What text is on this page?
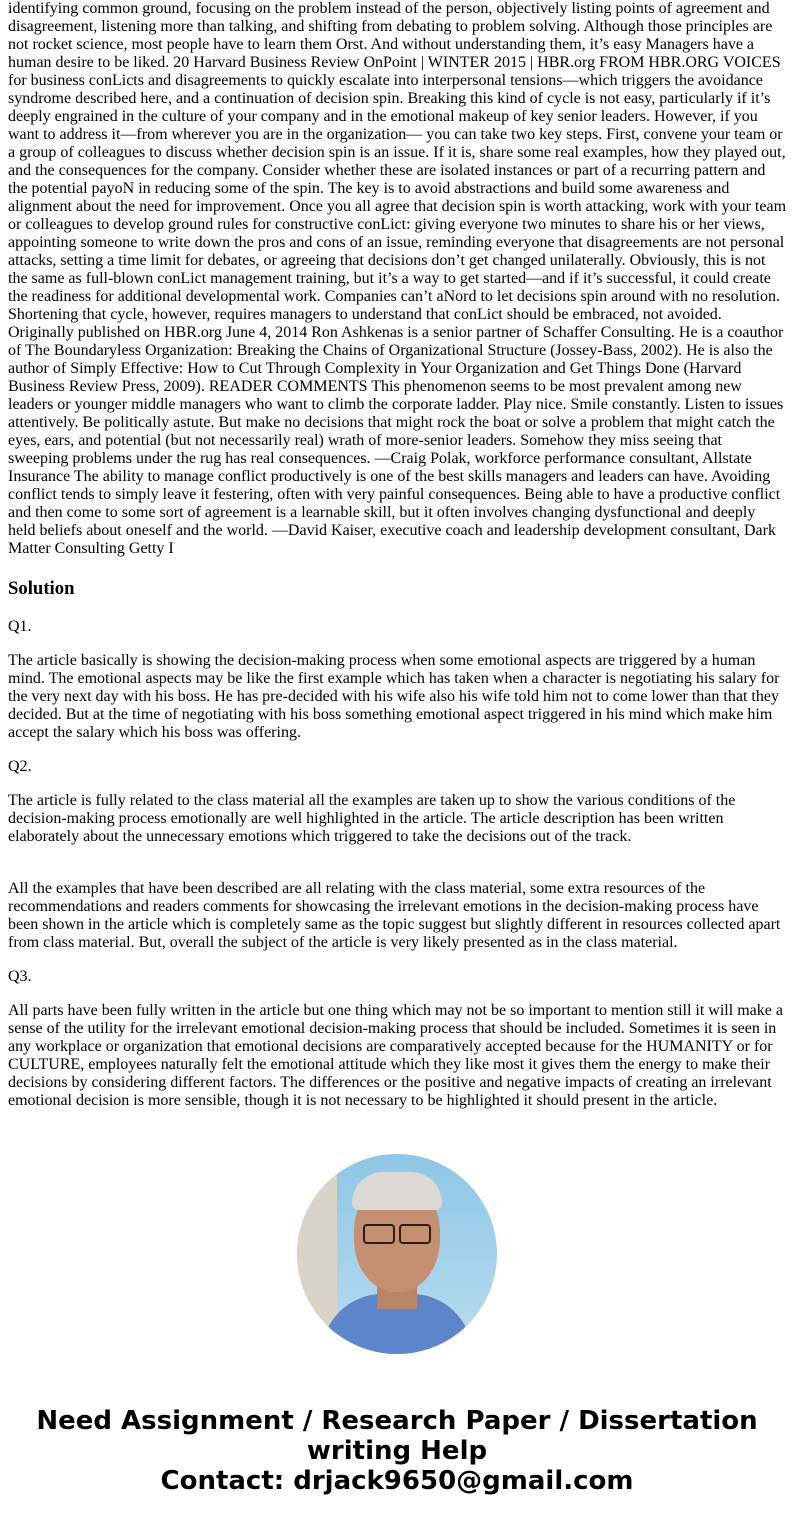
identifying common ground, focusing on the problem instead of the person, objectively listing points of agreement and disagreement, listening more than talking, and shifting from debating to problem solving. Although those principles are not rocket science, most people have to learn them Orst. And without understanding them, it’s easy Managers have a human desire to be liked. 20 Harvard Business Review OnPoint | WINTER 2015 | HBR.org FROM HBR.ORG VOICES for business conLicts and disagreements to quickly escalate into interpersonal tensions—which triggers the avoidance syndrome described here, and a continuation of decision spin. Breaking this kind of cycle is not easy, particularly if it’s deeply engrained in the culture of your company and in the emotional makeup of key senior leaders. However, if you want to address it—from wherever you are in the organization— you can take two key steps. First, convene your team or a group of colleagues to discuss whether decision spin is an issue. If it is, share some real examples, how they played out, and the consequences for the company. Consider whether these are isolated instances or part of a recurring pattern and the potential payoN in reducing some of the spin. The key is to avoid abstractions and build some awareness and alignment about the need for improvement. Once you all agree that decision spin is worth attacking, work with your team or colleagues to develop ground rules for constructive conLict: giving everyone two minutes to share his or her views, appointing someone to write down the pros and cons of an issue, reminding everyone that disagreements are not personal attacks, setting a time limit for debates, or agreeing that decisions don’t get changed unilaterally. Obviously, this is not the same as full-blown conLict management training, but it’s a way to get started—and if it’s successful, it could create the readiness for additional developmental work. Companies can’t aNord to let decisions spin around with no resolution. Shortening that cycle, however, requires managers to understand that conLict should be embraced, not avoided. Originally published on HBR.org June 4, 2014 Ron Ashkenas is a senior partner of Schaffer Consulting. He is a coauthor of The Boundaryless Organization: Breaking the Chains of Organizational Structure (Jossey-Bass, 2002). He is also the author of Simply Effective: How to Cut Through Complexity in Your Organization and Get Things Done (Harvard Business Review Press, 2009). READER COMMENTS This phenomenon seems to be most prevalent among new leaders or younger middle managers who want to climb the corporate ladder. Play nice. Smile constantly. Listen to issues attentively. Be politically astute. But make no decisions that might rock the boat or solve a problem that might catch the eyes, ears, and potential (but not necessarily real) wrath of more-senior leaders. Somehow they miss seeing that sweeping problems under the rug has real consequences. —Craig Polak, workforce performance consultant, Allstate Insurance The ability to manage conflict productively is one of the best skills managers and leaders can have. Avoiding conflict tends to simply leave it festering, often with very painful consequences. Being able to have a productive conflict and then come to some sort of agreement is a learnable skill, but it often involves changing dysfunctional and deeply held beliefs about oneself and the world. —David Kaiser, executive coach and leadership development consultant, Dark Matter Consulting Getty I

Solution

Q1.

The article basically is showing the decision-making process when some emotional aspects are triggered by a human mind. The emotional aspects may be like the first example which has taken when a character is negotiating his salary for the very next day with his boss. He has pre-decided with his wife also his wife told him not to come lower than that they decided. But at the time of negotiating with his boss something emotional aspect triggered in his mind which make him accept the salary which his boss was offering.

Q2.

The article is fully related to the class material all the examples are taken up to show the various conditions of the decision-making process emotionally are well highlighted in the article. The article description has been written elaborately about the unnecessary emotions which triggered to take the decisions out of the track.

All the examples that have been described are all relating with the class material, some extra resources of the recommendations and readers comments for showcasing the irrelevant emotions in the decision-making process have been shown in the article which is completely same as the topic suggest but slightly different in resources collected apart from class material. But, overall the subject of the article is very likely presented as in the class material.

Q3.

All parts have been fully written in the article but one thing which may not be so important to mention still it will make a sense of the utility for the irrelevant emotional decision-making process that should be included. Sometimes it is seen in any workplace or organization that emotional decisions are comparatively accepted because for the HUMANITY or for CULTURE, employees naturally felt the emotional attitude which they like most it gives them the energy to make their decisions by considering different factors. The differences or the positive and negative impacts of creating an irrelevant emotional decision is more sensible, though it is not necessary to be highlighted it should present in the article.

Need Assignment / Research Paper / Dissertation writing Help
Contact: drjack9650@gmail.com
